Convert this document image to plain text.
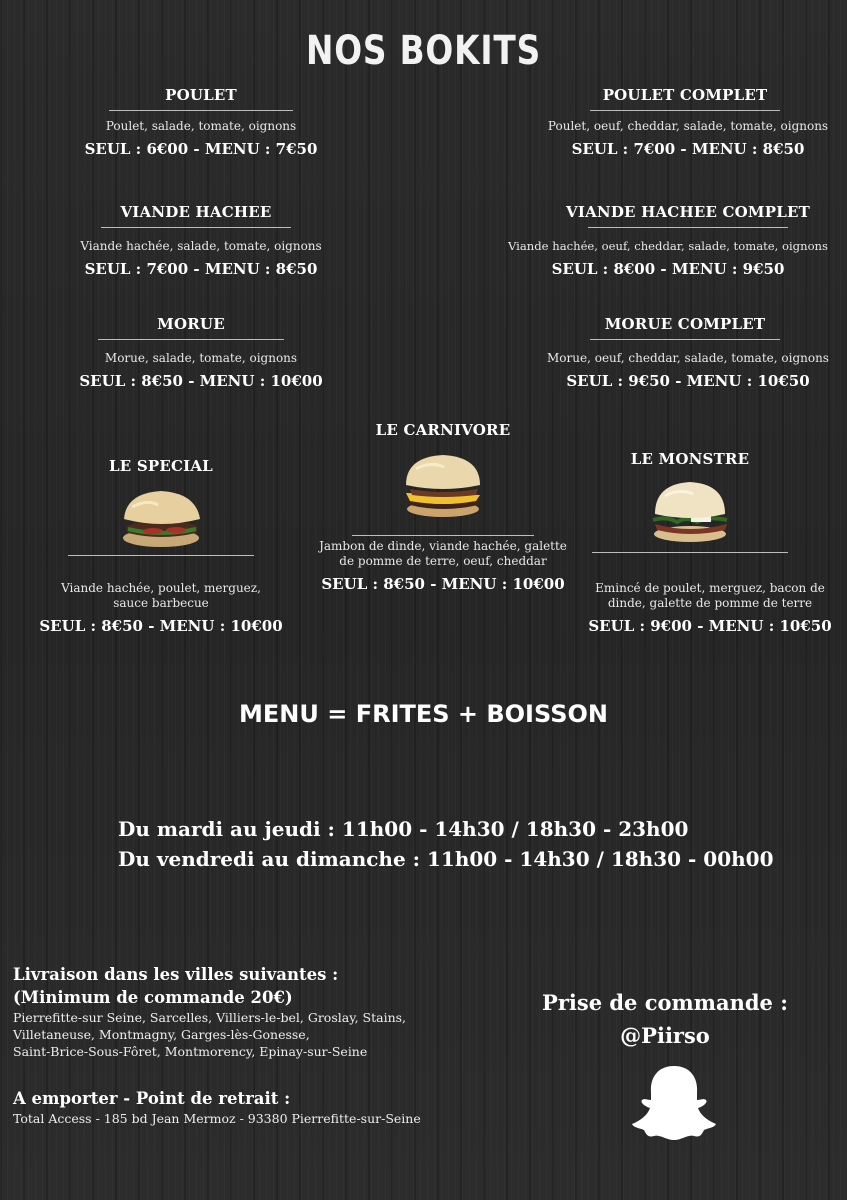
NOS BOKITS
POULET
Poulet, salade, tomate, oignons
SEUL : 6€00 - MENU : 7€50
POULET COMPLET
Poulet, oeuf, cheddar, salade, tomate, oignons
SEUL : 7€00 - MENU : 8€50
VIANDE HACHEE
Viande hachée, salade, tomate, oignons
SEUL : 7€00 - MENU : 8€50
VIANDE HACHEE COMPLET
Viande hachée, oeuf, cheddar, salade, tomate, oignons
SEUL : 8€00 - MENU : 9€50
MORUE
Morue, salade, tomate, oignons
SEUL : 8€50 - MENU : 10€00
MORUE COMPLET
Morue, oeuf, cheddar, salade, tomate, oignons
SEUL : 9€50 - MENU : 10€50
LE SPECIAL
Viande hachée, poulet, merguez,
sauce barbecue
SEUL : 8€50 - MENU : 10€00
LE CARNIVORE
Jambon de dinde, viande hachée, galette
de pomme de terre, oeuf, cheddar
SEUL : 8€50 - MENU : 10€00
LE MONSTRE
Emincé de poulet, merguez, bacon de
dinde, galette de pomme de terre
SEUL : 9€00 - MENU : 10€50
MENU = FRITES + BOISSON
Du mardi au jeudi : 11h00 - 14h30 / 18h30 - 23h00
Du vendredi au dimanche : 11h00 - 14h30 / 18h30 - 00h00
Livraison dans les villes suivantes :
(Minimum de commande 20€)
Pierrefitte-sur Seine, Sarcelles, Villiers-le-bel, Groslay, Stains,
Villetaneuse, Montmagny, Garges-lès-Gonesse,
Saint-Brice-Sous-Fôret, Montmorency, Epinay-sur-Seine
A emporter - Point de retrait :
Total Access - 185 bd Jean Mermoz - 93380 Pierrefitte-sur-Seine
Prise de commande :
@Piirso
